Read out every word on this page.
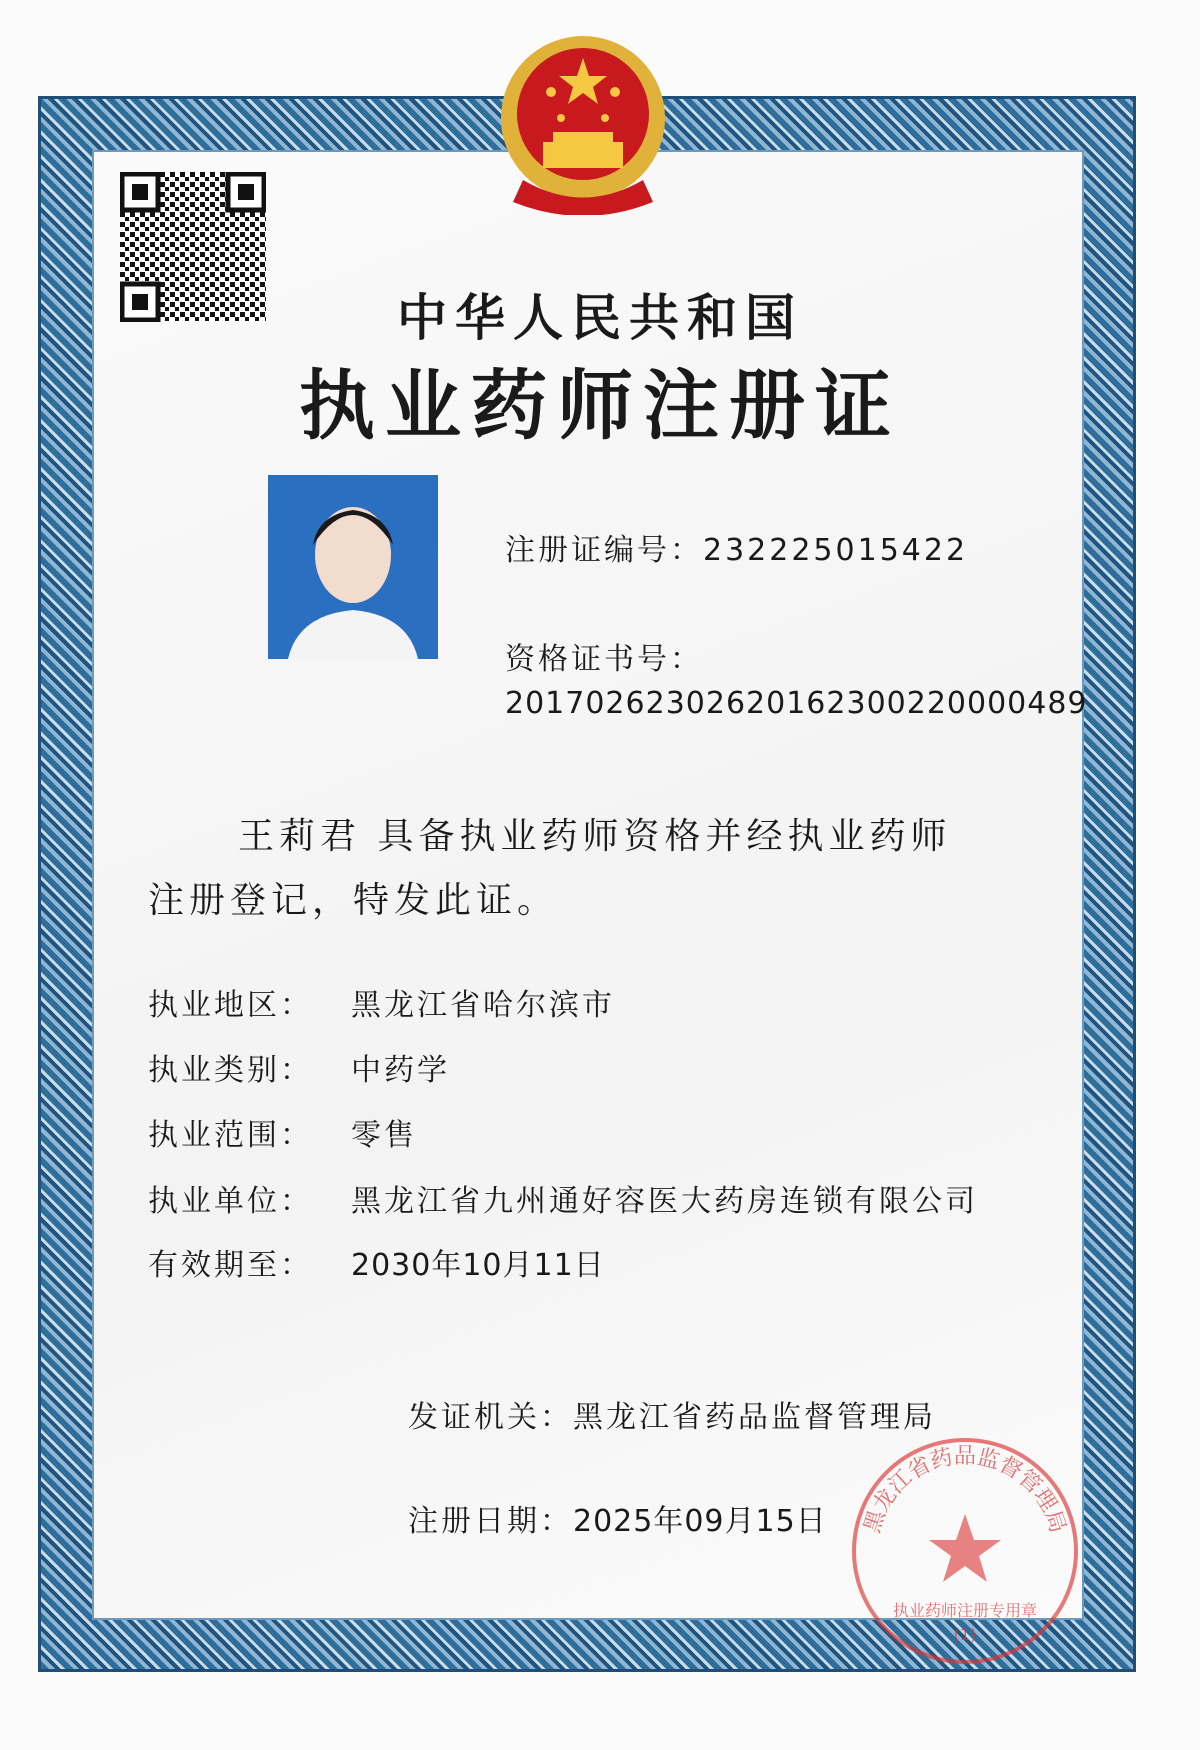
中华人民共和国
执业药师注册证
注册证编号：232225015422
资格证书号：
20170262302620162300220000489
王莉君 具备执业药师资格并经执业药师
注册登记，特发此证。
执业地区： 黑龙江省哈尔滨市
执业类别： 中药学
执业范围： 零售
执业单位： 黑龙江省九州通好容医大药房连锁有限公司
有效期至： 2030年10月11日
发证机关：黑龙江省药品监督管理局
注册日期：2025年09月15日 黑龙江省药品监督管理局
执业药师注册专用章
(1)
